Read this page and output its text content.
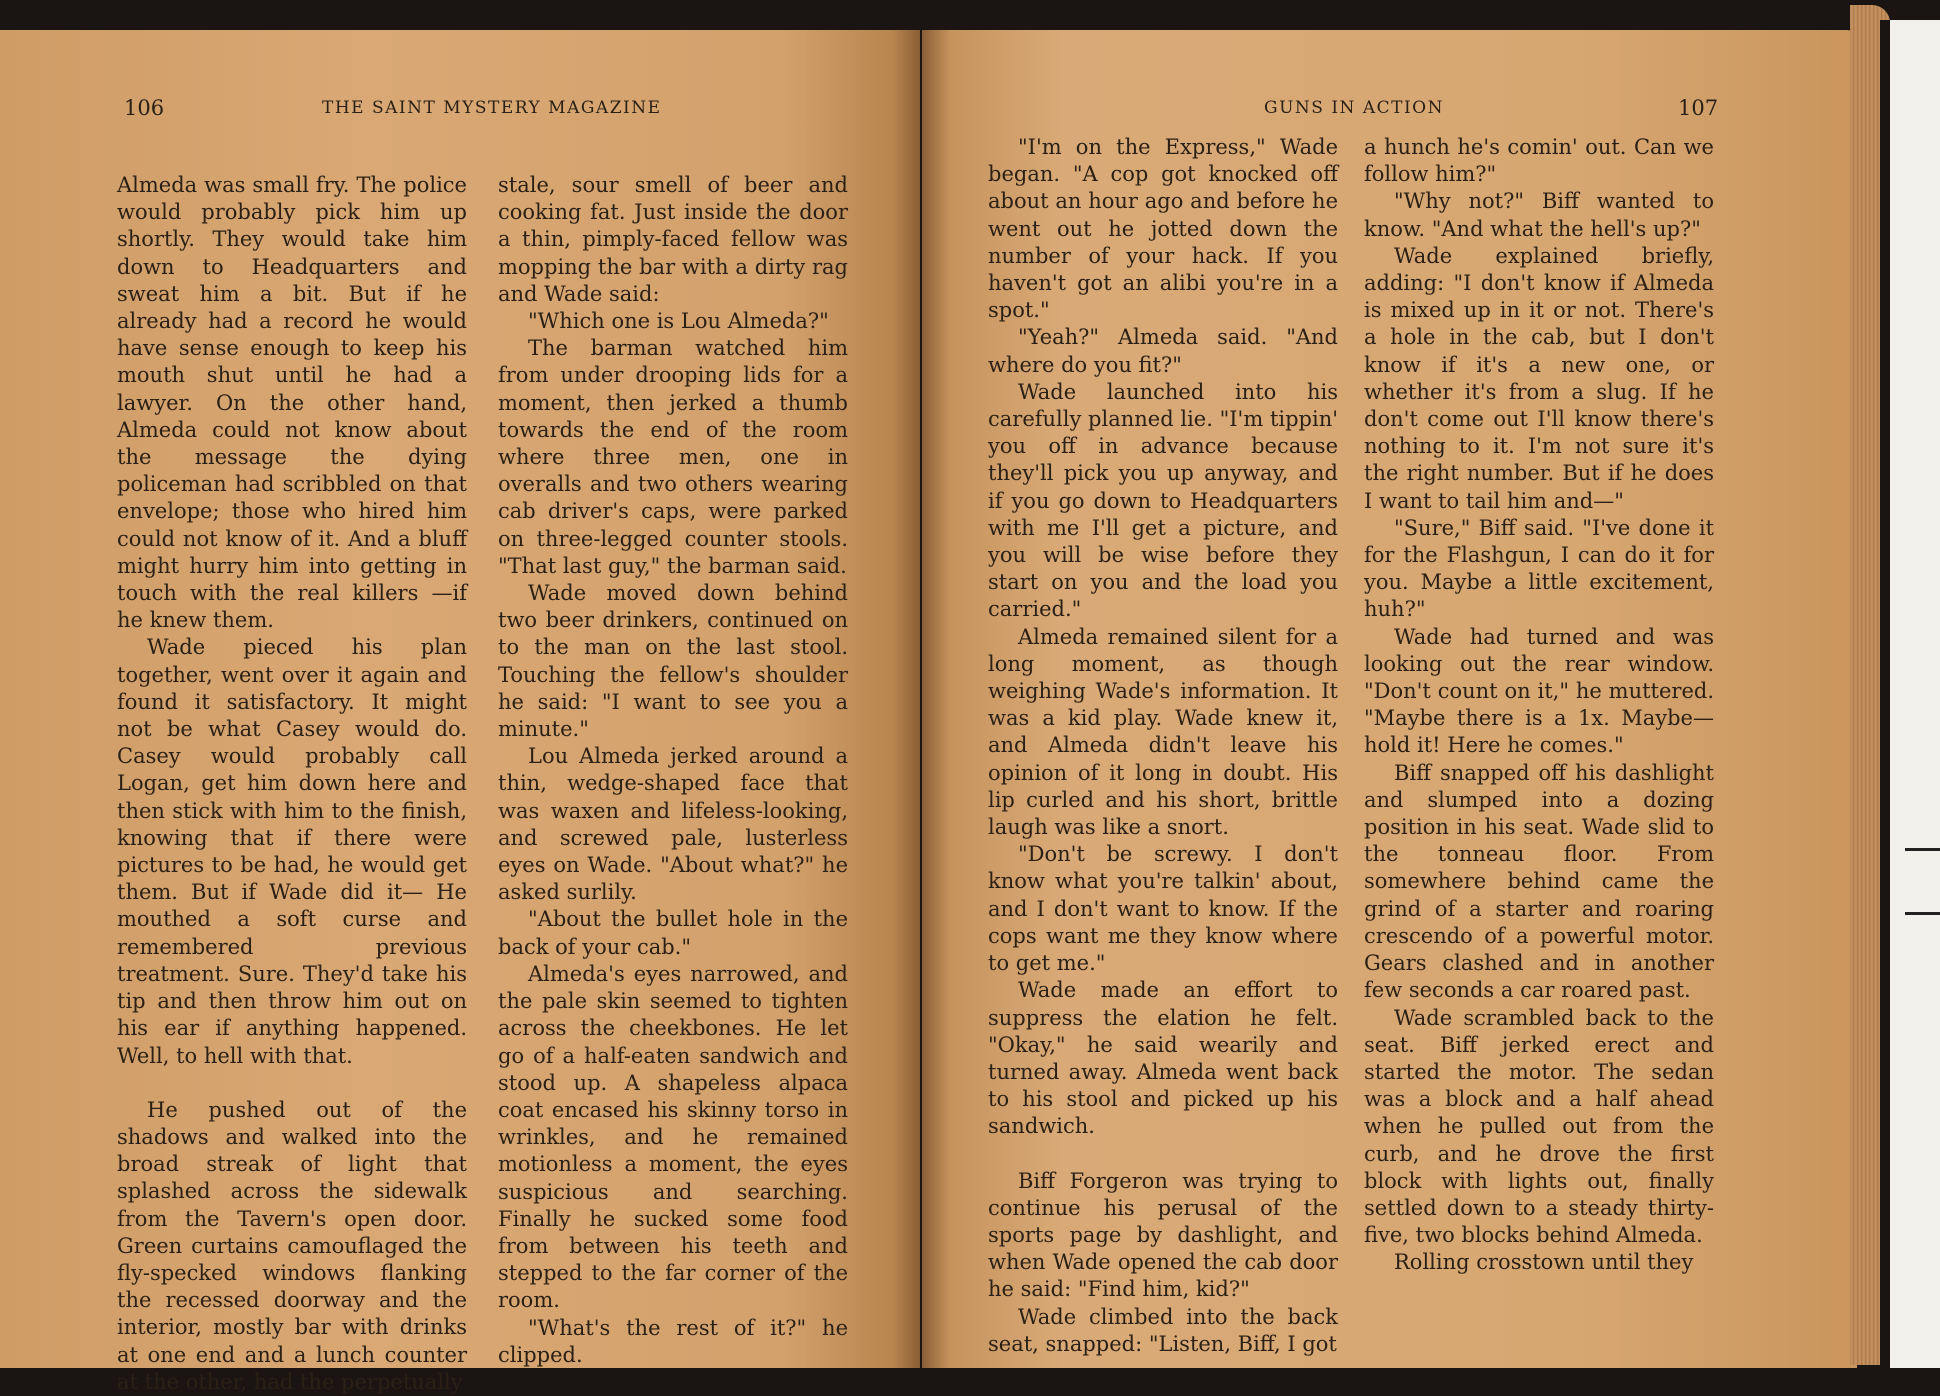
106	THE SAINT MYSTERY MAGAZINE

Almeda was small fry. The police would probably pick him up shortly. They would take him down to Headquarters and sweat him a bit. But if he already had a record he would have sense enough to keep his mouth shut until he had a lawyer. On the other hand, Almeda could not know about the message the dying policeman had scribbled on that envelope; those who hired him could not know of it. And a bluff might hurry him into getting in touch with the real killers —if he knew them.

Wade pieced his plan together, went over it again and found it satisfactory. It might not be what Casey would do. Casey would probably call Logan, get him down here and then stick with him to the finish, knowing that if there were pictures to be had, he would get them. But if Wade did it— He mouthed a soft curse and remembered previous treatment. Sure. They'd take his tip and then throw him out on his ear if anything happened. Well, to hell with that.

He pushed out of the shadows and walked into the broad streak of light that splashed across the sidewalk from the Tavern's open door. Green curtains camouflaged the fly-specked windows flanking the recessed doorway and the interior, mostly bar with drinks at one end and a lunch counter at the other, had the perpetually

stale, sour smell of beer and cooking fat. Just inside the door a thin, pimply-faced fellow was mopping the bar with a dirty rag and Wade said:

"Which one is Lou Almeda?"

The barman watched him from under drooping lids for a moment, then jerked a thumb towards the end of the room where three men, one in overalls and two others wearing cab driver's caps, were parked on three-legged counter stools. "That last guy," the barman said.

Wade moved down behind two beer drinkers, continued on to the man on the last stool. Touching the fellow's shoulder he said: "I want to see you a minute."

Lou Almeda jerked around a thin, wedge-shaped face that was waxen and lifeless-looking, and screwed pale, lusterless eyes on Wade. "About what?" he asked surlily.

"About the bullet hole in the back of your cab."

Almeda's eyes narrowed, and the pale skin seemed to tighten across the cheekbones. He let go of a half-eaten sandwich and stood up. A shapeless alpaca coat encased his skinny torso in wrinkles, and he remained motionless a moment, the eyes suspicious and searching. Finally he sucked some food from between his teeth and stepped to the far corner of the room.

"What's the rest of it?" he clipped.

GUNS IN ACTION	107

"I'm on the Express," Wade began. "A cop got knocked off about an hour ago and before he went out he jotted down the number of your hack. If you haven't got an alibi you're in a spot."

"Yeah?" Almeda said. "And where do you fit?"

Wade launched into his carefully planned lie. "I'm tippin' you off in advance because they'll pick you up anyway, and if you go down to Headquarters with me I'll get a picture, and you will be wise before they start on you and the load you carried."

Almeda remained silent for a long moment, as though weighing Wade's information. It was a kid play. Wade knew it, and Almeda didn't leave his opinion of it long in doubt. His lip curled and his short, brittle laugh was like a snort.

"Don't be screwy. I don't know what you're talkin' about, and I don't want to know. If the cops want me they know where to get me."

Wade made an effort to suppress the elation he felt. "Okay," he said wearily and turned away. Almeda went back to his stool and picked up his sandwich.

Biff Forgeron was trying to continue his perusal of the sports page by dashlight, and when Wade opened the cab door he said: "Find him, kid?"

Wade climbed into the back seat, snapped: "Listen, Biff, I got

a hunch he's comin' out. Can we follow him?"

"Why not?" Biff wanted to know. "And what the hell's up?"

Wade explained briefly, adding: "I don't know if Almeda is mixed up in it or not. There's a hole in the cab, but I don't know if it's a new one, or whether it's from a slug. If he don't come out I'll know there's nothing to it. I'm not sure it's the right number. But if he does I want to tail him and—"

"Sure," Biff said. "I've done it for the Flashgun, I can do it for you. Maybe a little excitement, huh?"

Wade had turned and was looking out the rear window. "Don't count on it," he muttered. "Maybe there is a 1x. Maybe—hold it! Here he comes."

Biff snapped off his dashlight and slumped into a dozing position in his seat. Wade slid to the tonneau floor. From somewhere behind came the grind of a starter and roaring crescendo of a powerful motor. Gears clashed and in another few seconds a car roared past.

Wade scrambled back to the seat. Biff jerked erect and started the motor. The sedan was a block and a half ahead when he pulled out from the curb, and he drove the first block with lights out, finally settled down to a steady thirty-five, two blocks behind Almeda.

Rolling crosstown until they
